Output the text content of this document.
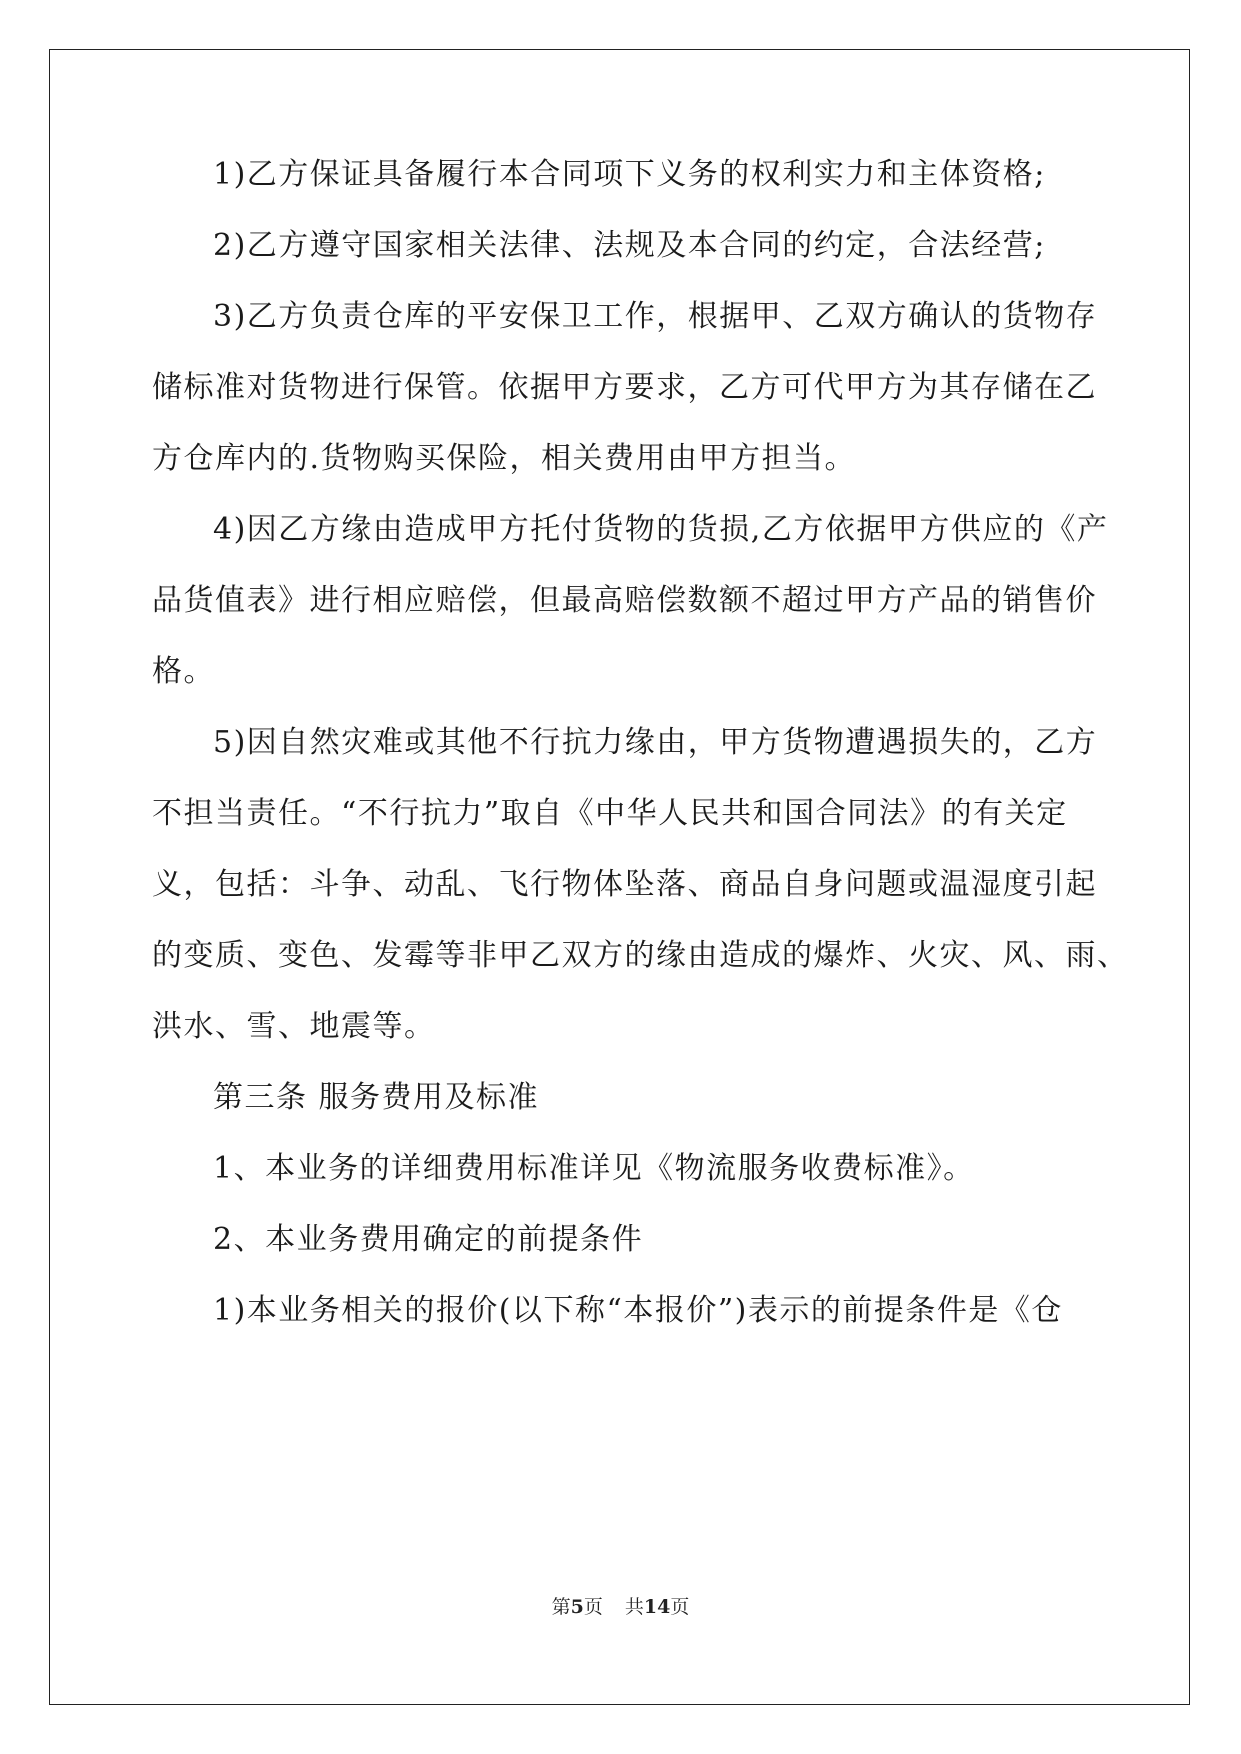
1)乙方保证具备履行本合同项下义务的权利实力和主体资格;
2)乙方遵守国家相关法律、法规及本合同的约定，合法经营;
3)乙方负责仓库的平安保卫工作，根据甲、乙双方确认的货物存
储标准对货物进行保管。依据甲方要求，乙方可代甲方为其存储在乙
方仓库内的.货物购买保险，相关费用由甲方担当。
4)因乙方缘由造成甲方托付货物的货损,乙方依据甲方供应的《产
品货值表》进行相应赔偿，但最高赔偿数额不超过甲方产品的销售价
格。
5)因自然灾难或其他不行抗力缘由，甲方货物遭遇损失的，乙方
不担当责任。“不行抗力”取自《中华人民共和国合同法》的有关定
义，包括：斗争、动乱、飞行物体坠落、商品自身问题或温湿度引起
的变质、变色、发霉等非甲乙双方的缘由造成的爆炸、火灾、风、雨、
洪水、雪、地震等。
第三条 服务费用及标准
1、本业务的详细费用标准详见《物流服务收费标准》。
2、本业务费用确定的前提条件
1)本业务相关的报价(以下称“本报价”)表示的前提条件是《仓
第5页 共14页
